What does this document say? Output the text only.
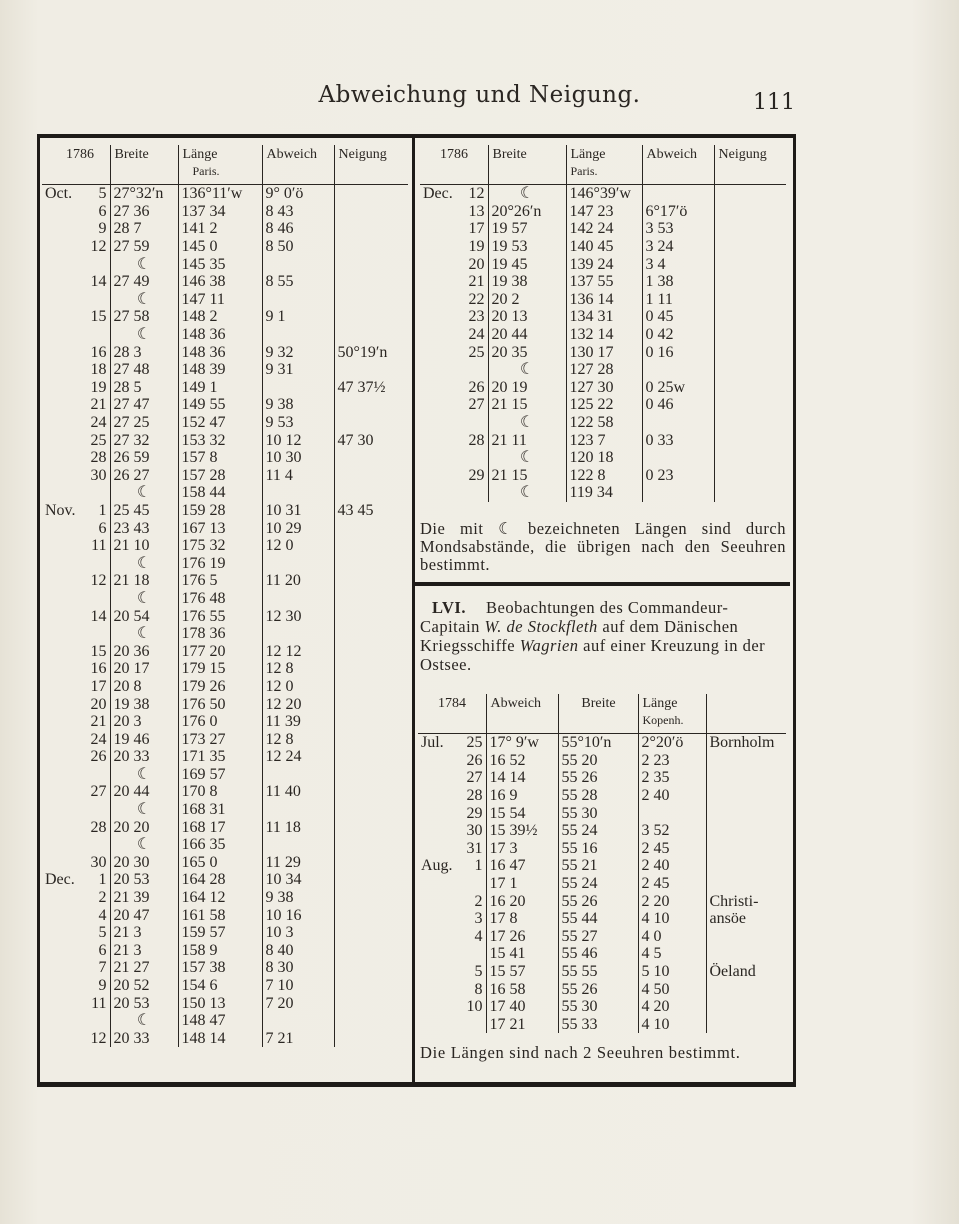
Abweichung und Neigung.	111
1786		Breite	Länge
Paris.	Abweich	Neigung
Oct.	5	27°32′n	136°11′w	9° 0′ö	
	6	27 36	137 34	8 43	
	9	28 7	141 2	8 46	
	12	27 59	145 0	8 50	
		☾	145 35		
	14	27 49	146 38	8 55	
		☾	147 11		
	15	27 58	148 2	9 1	
		☾	148 36		
	16	28 3	148 36	9 32	50°19′n
	18	27 48	148 39	9 31	
	19	28 5	149 1		47 37½
	21	27 47	149 55	9 38	
	24	27 25	152 47	9 53	
	25	27 32	153 32	10 12	47 30
	28	26 59	157 8	10 30	
	30	26 27	157 28	11 4	
		☾	158 44		
Nov.	1	25 45	159 28	10 31	43 45
	6	23 43	167 13	10 29	
	11	21 10	175 32	12 0	
		☾	176 19		
	12	21 18	176 5	11 20	
		☾	176 48		
	14	20 54	176 55	12 30	
		☾	178 36		
	15	20 36	177 20	12 12	
	16	20 17	179 15	12 8	
	17	20 8	179 26	12 0	
	20	19 38	176 50	12 20	
	21	20 3	176 0	11 39	
	24	19 46	173 27	12 8	
	26	20 33	171 35	12 24	
		☾	169 57		
	27	20 44	170 8	11 40	
		☾	168 31		
	28	20 20	168 17	11 18	
		☾	166 35		
	30	20 30	165 0	11 29	
Dec.	1	20 53	164 28	10 34	
	2	21 39	164 12	9 38	
	4	20 47	161 58	10 16	
	5	21 3	159 57	10 3	
	6	21 3	158 9	8 40	
	7	21 27	157 38	8 30	
	9	20 52	154 6	7 10	
	11	20 53	150 13	7 20	
		☾	148 47		
	12	20 33	148 14	7 21	
1786		Breite	Länge
Paris.	Abweich	Neigung
Dec.	12	☾	146°39′w		
	13	20°26′n	147 23	6°17′ö	
	17	19 57	142 24	3 53	
	19	19 53	140 45	3 24	
	20	19 45	139 24	3 4	
	21	19 38	137 55	1 38	
	22	20 2	136 14	1 11	
	23	20 13	134 31	0 45	
	24	20 44	132 14	0 42	
	25	20 35	130 17	0 16	
		☾	127 28		
	26	20 19	127 30	0 25w	
	27	21 15	125 22	0 46	
		☾	122 58		
	28	21 11	123 7	0 33	
		☾	120 18		
	29	21 15	122 8	0 23	
		☾	119 34		
Die mit ☾ bezeichneten Längen sind durch Mondsabstände, die übrigen nach den Seeuhren bestimmt.
LVI. Beobachtungen des Commandeur-Capitain W. de Stockfleth auf dem Dänischen Kriegsschiffe Wagrien auf einer Kreuzung in der Ostsee.
1784		Abweich	Breite	Länge
Kopenh.	
Jul.	25	17° 9′w	55°10′n	2°20′ö	Bornholm
	26	16 52	55 20	2 23	
	27	14 14	55 26	2 35	
	28	16 9	55 28	2 40	
	29	15 54	55 30		
	30	15 39½	55 24	3 52	
	31	17 3	55 16	2 45	
Aug.	1	16 47	55 21	2 40	
		17 1	55 24	2 45	
	2	16 20	55 26	2 20	Christi-
	3	17 8	55 44	4 10	ansöe
	4	17 26	55 27	4 0	
		15 41	55 46	4 5	
	5	15 57	55 55	5 10	Öeland
	8	16 58	55 26	4 50	
	10	17 40	55 30	4 20	
		17 21	55 33	4 10	
Die Längen sind nach 2 Seeuhren bestimmt.
